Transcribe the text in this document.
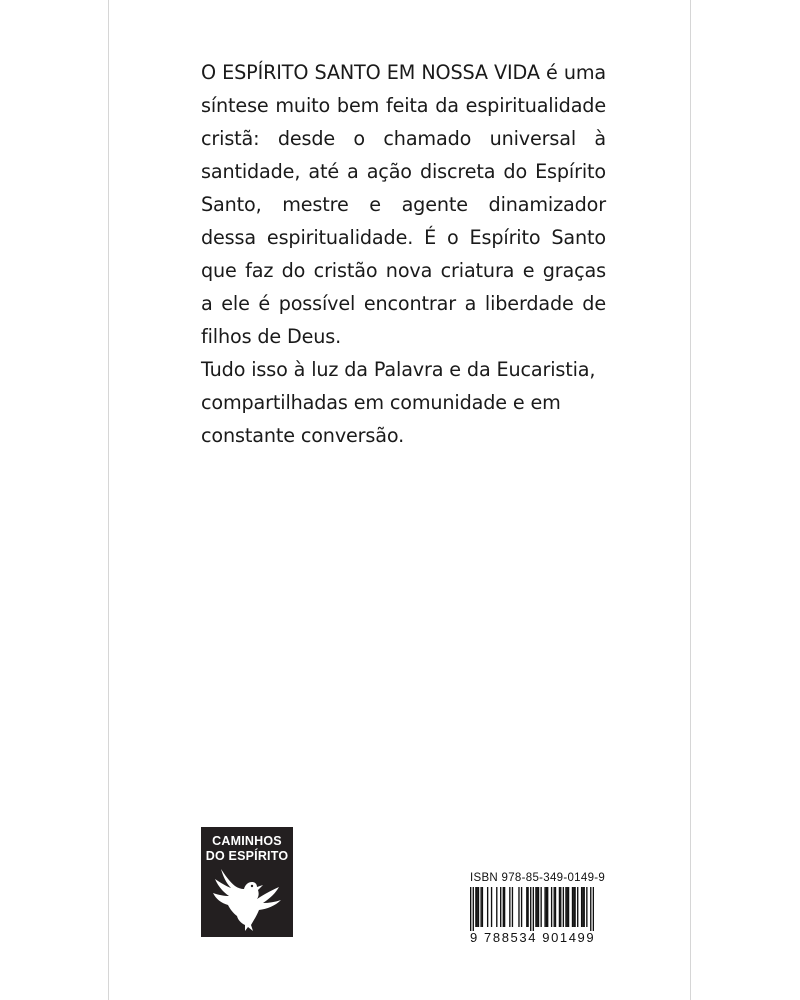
O ESPÍRITO SANTO EM NOSSA VIDA é uma síntese muito bem feita da espiritualidade cristã: desde o chamado universal à santidade, até a ação discreta do Espírito Santo, mestre e agente dinamizador dessa espiritualidade. É o Espírito Santo que faz do cristão nova criatura e graças a ele é possível encontrar a liberdade de filhos de Deus.

Tudo isso à luz da Palavra e da Eucaristia, compartilhadas em comunidade e em constante conversão.

CAMINHOS
DO ESPÍRITO
ISBN 978-85-349-0149-9
9 788534 901499
